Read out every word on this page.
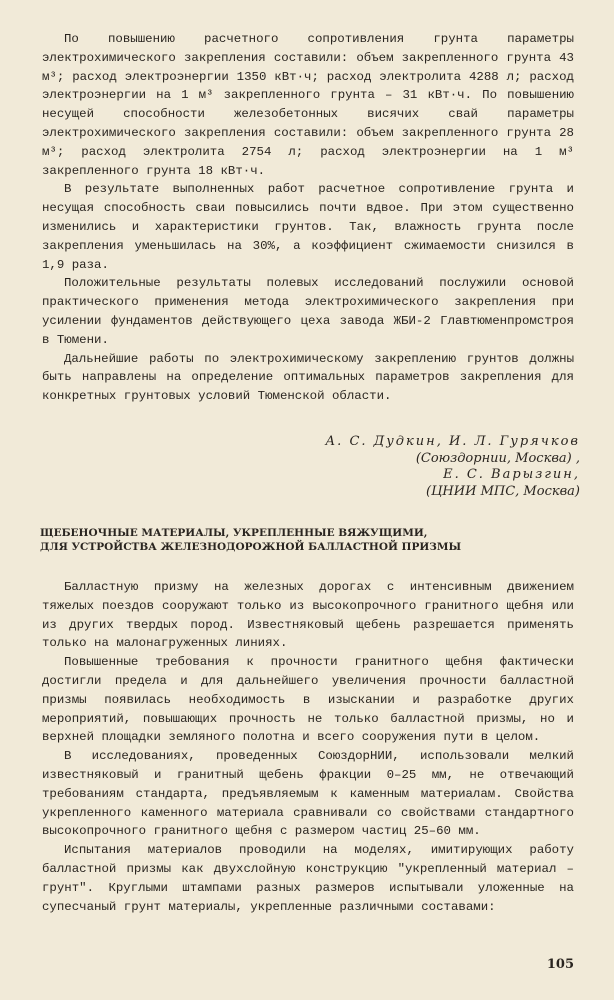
По повышению расчетного сопротивления грунта параметры электрохимического закрепления составили: объем закрепленного грунта 43 м³; расход электроэнергии 1350 кВт·ч; расход электролита 4288 л; расход электроэнергии на 1 м³ закрепленного грунта – 31 кВт·ч. По повышению несущей способности железобетонных висячих свай параметры электрохимического закрепления составили: объем закрепленного грунта 28 м³; расход электролита 2754 л; расход электроэнергии на 1 м³ закрепленного грунта 18 кВт·ч.

В результате выполненных работ расчетное сопротивление грунта и несущая способность сваи повысились почти вдвое. При этом существенно изменились и характеристики грунтов. Так, влажность грунта после закрепления уменьшилась на 30%, а коэффициент сжимаемости снизился в 1,9 раза.

Положительные результаты полевых исследований послужили основой практического применения метода электрохимического закрепления при усилении фундаментов действующего цеха завода ЖБИ-2 Главтюменпромстроя в Тюмени.

Дальнейшие работы по электрохимическому закреплению грунтов должны быть направлены на определение оптимальных параметров закрепления для конкретных грунтовых условий Тюменской области.

А. С. Дудкин, И. Л. Гурячков
(Союздорнии, Москва) ,
Е. С. Варызгин,
(ЦНИИ МПС, Москва)
ЩЕБЕНОЧНЫЕ МАТЕРИАЛЫ, УКРЕПЛЕННЫЕ ВЯЖУЩИМИ,
ДЛЯ УСТРОЙСТВА ЖЕЛЕЗНОДОРОЖНОЙ БАЛЛАСТНОЙ ПРИЗМЫ

Балластную призму на железных дорогах с интенсивным движением тяжелых поездов сооружают только из высокопрочного гранитного щебня или из других твердых пород. Известняковый щебень разрешается применять только на малонагруженных линиях.

Повышенные требования к прочности гранитного щебня фактически достигли предела и для дальнейшего увеличения прочности балластной призмы появилась необходимость в изыскании и разработке других мероприятий, повышающих прочность не только балластной призмы, но и верхней площадки земляного полотна и всего сооружения пути в целом.

В исследованиях, проведенных СоюздорНИИ, использовали мелкий известняковый и гранитный щебень фракции 0–25 мм, не отвечающий требованиям стандарта, предъявляемым к каменным материалам. Свойства укрепленного каменного материала сравнивали со свойствами стандартного высокопрочного гранитного щебня с размером частиц 25–60 мм.

Испытания материалов проводили на моделях, имитирующих работу балластной призмы как двухслойную конструкцию "укрепленный материал – грунт". Круглыми штампами разных размеров испытывали уложенные на супесчаный грунт материалы, укрепленные различными составами:

105
